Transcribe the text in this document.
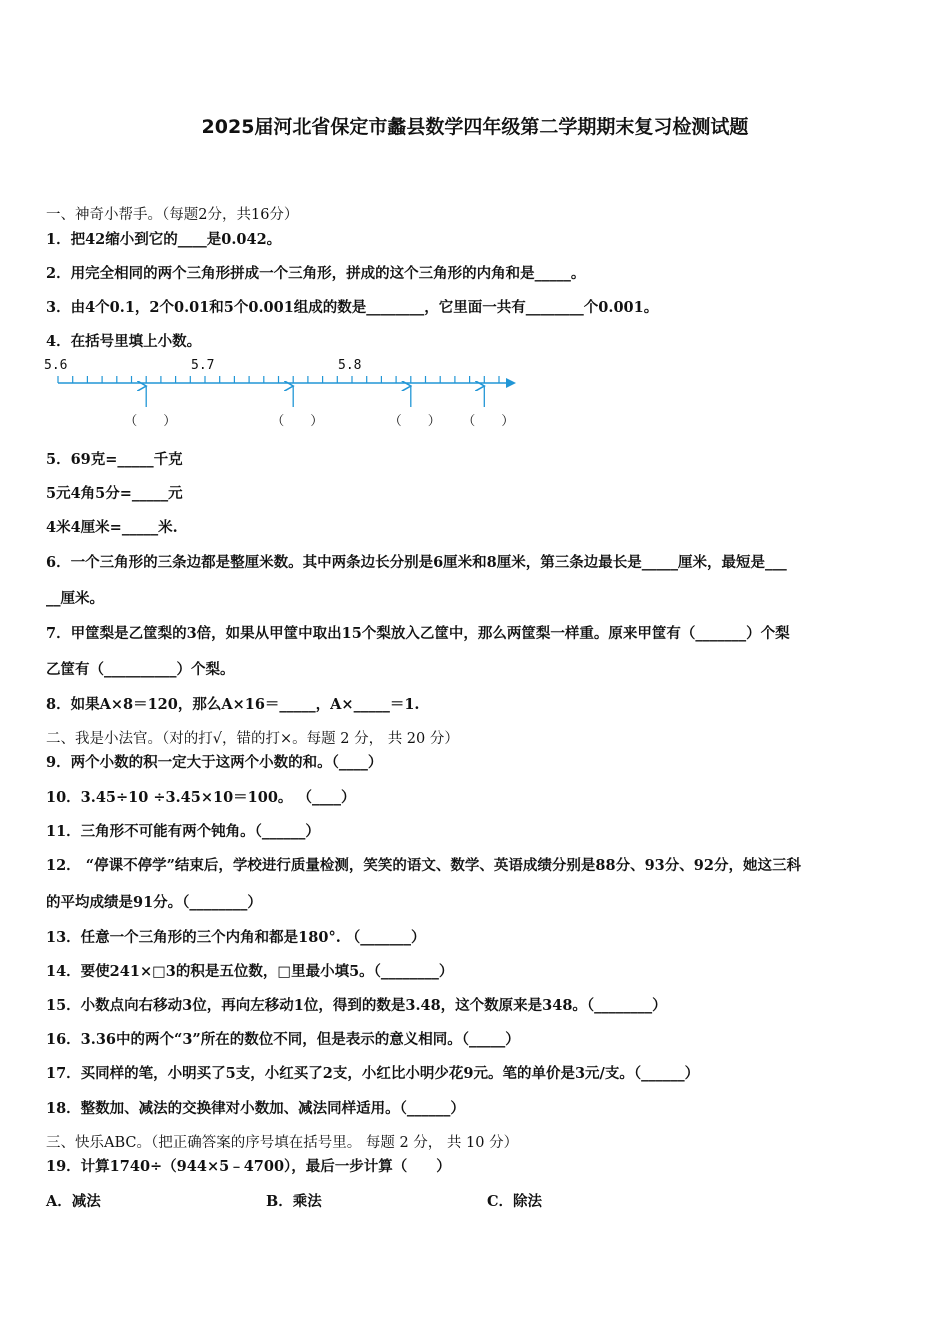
2025届河北省保定市蠡县数学四年级第二学期期末复习检测试题
一、神奇小帮手。（每题2分，共16分）
1．把42缩小到它的____是0.042。
2．用完全相同的两个三角形拼成一个三角形，拼成的这个三角形的内角和是_____。
3．由4个0.1，2个0.01和5个0.001组成的数是________，它里面一共有________个0.001。
4．在括号里填上小数。
5.6	5.7	5.8
（　　）	（　　）	（　　） （　　）
5．69克=_____千克
5元4角5分=_____元
4米4厘米=_____米.
6．一个三角形的三条边都是整厘米数。其中两条边长分别是6厘米和8厘米，第三条边最长是_____厘米，最短是___
__厘米。
7．甲筐梨是乙筐梨的3倍，如果从甲筐中取出15个梨放入乙筐中，那么两筐梨一样重。原来甲筐有（_______）个梨
乙筐有（__________）个梨。
8．如果A×8＝120，那么A×16＝_____，A×_____＝1.
二、我是小法官。（对的打√，错的打×。每题 2 分， 共 20 分）
9．两个小数的积一定大于这两个小数的和。（____）
10．3.45÷10 ÷3.45×10＝100。 （____）
11．三角形不可能有两个钝角。（______）
12． “停课不停学”结束后，学校进行质量检测，笑笑的语文、数学、英语成绩分别是88分、93分、92分，她这三科
的平均成绩是91分。（________）
13．任意一个三角形的三个内角和都是180°. （_______）
14．要使241×□3的积是五位数，□里最小填5。（________）
15．小数点向右移动3位，再向左移动1位，得到的数是3.48，这个数原来是348。（________）
16．3.36中的两个“3”所在的数位不同，但是表示的意义相同。（_____）
17．买同样的笔，小明买了5支，小红买了2支，小红比小明少花9元。笔的单价是3元/支。（______）
18．整数加、减法的交换律对小数加、减法同样适用。（______）
三、快乐ABC。（把正确答案的序号填在括号里。 每题 2 分， 共 10 分）
19．计算1740÷（944×5﹣4700），最后一步计算（　　）
A．减法	B．乘法	C．除法
